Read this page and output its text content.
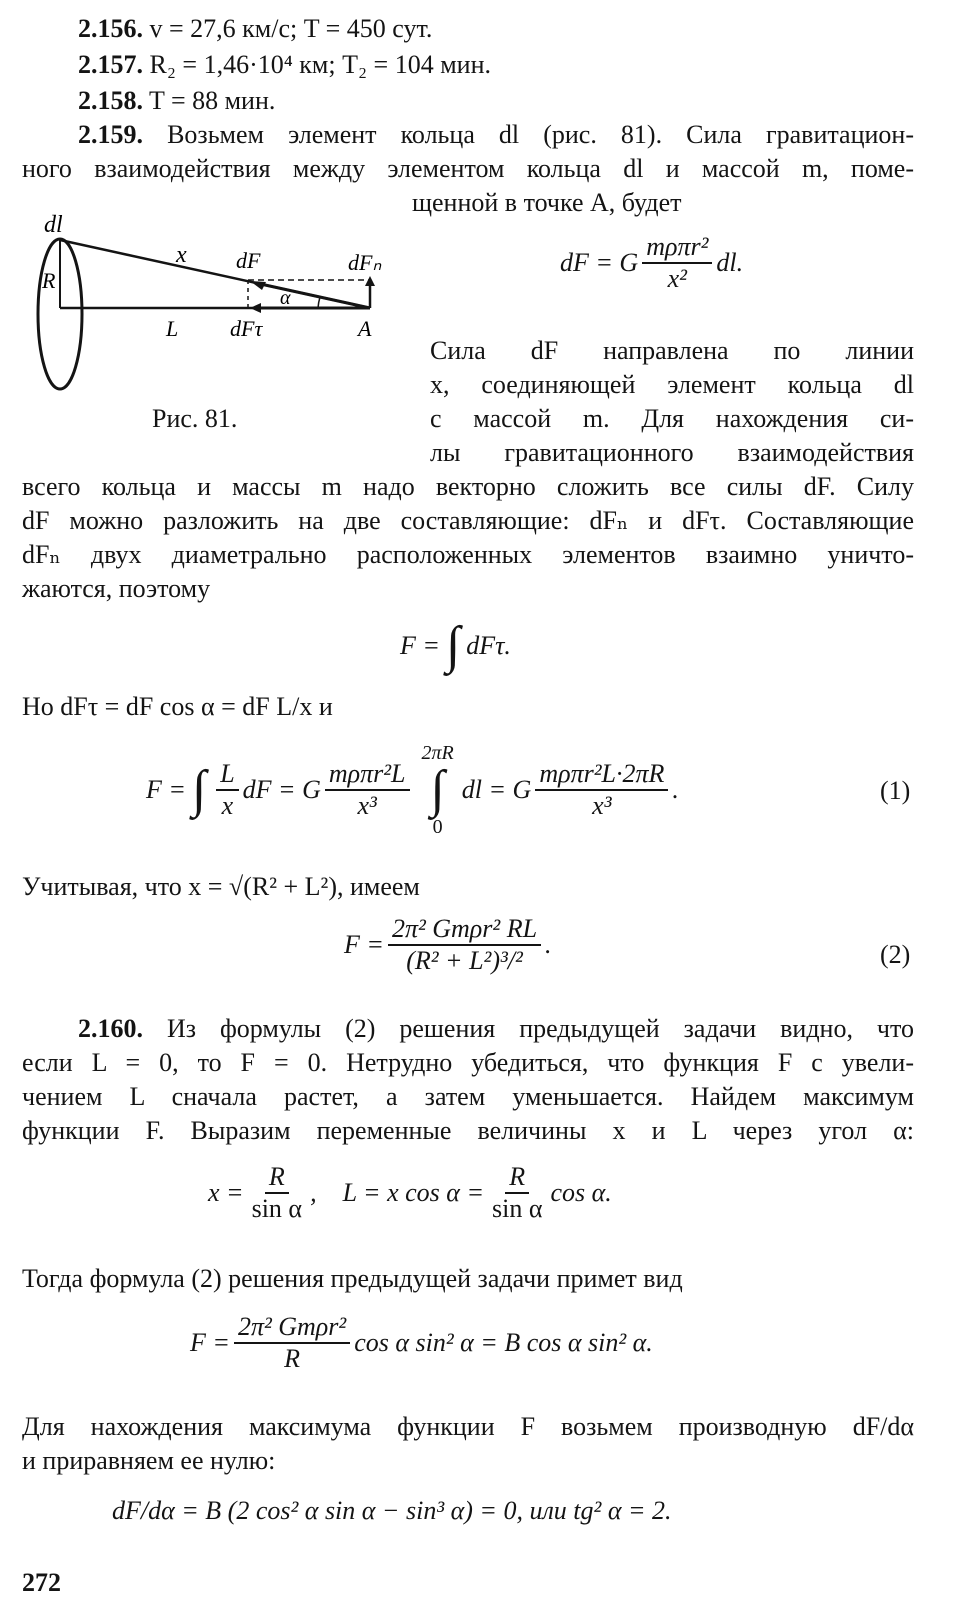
2.156. v = 27,6 км/с; T = 450 сут.
2.157. R₂ = 1,46·10⁴ км; T₂ = 104 мин.
2.158. T = 88 мин.
2.159. Возьмем элемент кольца dl (рис. 81). Сила гравитацион-
ного взаимодействия между элементом кольца dl и массой m, поме-
щенной в точке A, будет
dl
R
x dF	dFₙ
L dFτ
α
A
dF = G $\frac{\text{mρπr²}}{\text{x²}}$ dl.
Сила dF направлена по линии
x, соединяющей элемент кольца dl
с массой m. Для нахождения си-
лы гравитационного взаимодействия
Рис. 81.
всего кольца и массы m надо векторно сложить все силы dF. Силу
dF можно разложить на две составляющие: dFₙ и dFτ. Составляющие
dFₙ двух диаметрально расположенных элементов взаимно уничто-
жаются, поэтому
F = ∫ dFτ.
Но dFτ = dF cos α = dF L/x и
F = ∫ $\frac{L}{x}$ dF = G $\frac{\text{mρπr²L}}{\text{x³}}$
2πR
∫
0
dl = G $\frac{\text{mρπr²L·2πR}}{\text{x³}}$ .	(1)
Учитывая, что x = √(R² + L²), имеем
$F = \frac{\text{2π² Gmρr² RL}}{\text{(R² + L²)³/²}}$ .	(2)
2.160. Из формулы (2) решения предыдущей задачи видно, что
если L = 0, то F = 0. Нетрудно убедиться, что функция F с увели-
чением L сначала растет, а затем уменьшается. Найдем максимум
функции F. Выразим переменные величины x и L через угол α:
$x = \frac{R}{\text{sin α}}$ ,    L = x $\cos \alpha = \frac{R}{\text{sin α}}$ cos α.
Тогда формула (2) решения предыдущей задачи примет вид
$F = \frac{\text{2π² Gmρr²}}{R}$ cos α sin² α = B cos α sin² α.
Для нахождения максимума функции F возьмем производную dF/dα
и приравняем ее нулю:
dF/dα = B (2 cos² α sin α − sin³ α) = 0, или tg² α = 2.
272
